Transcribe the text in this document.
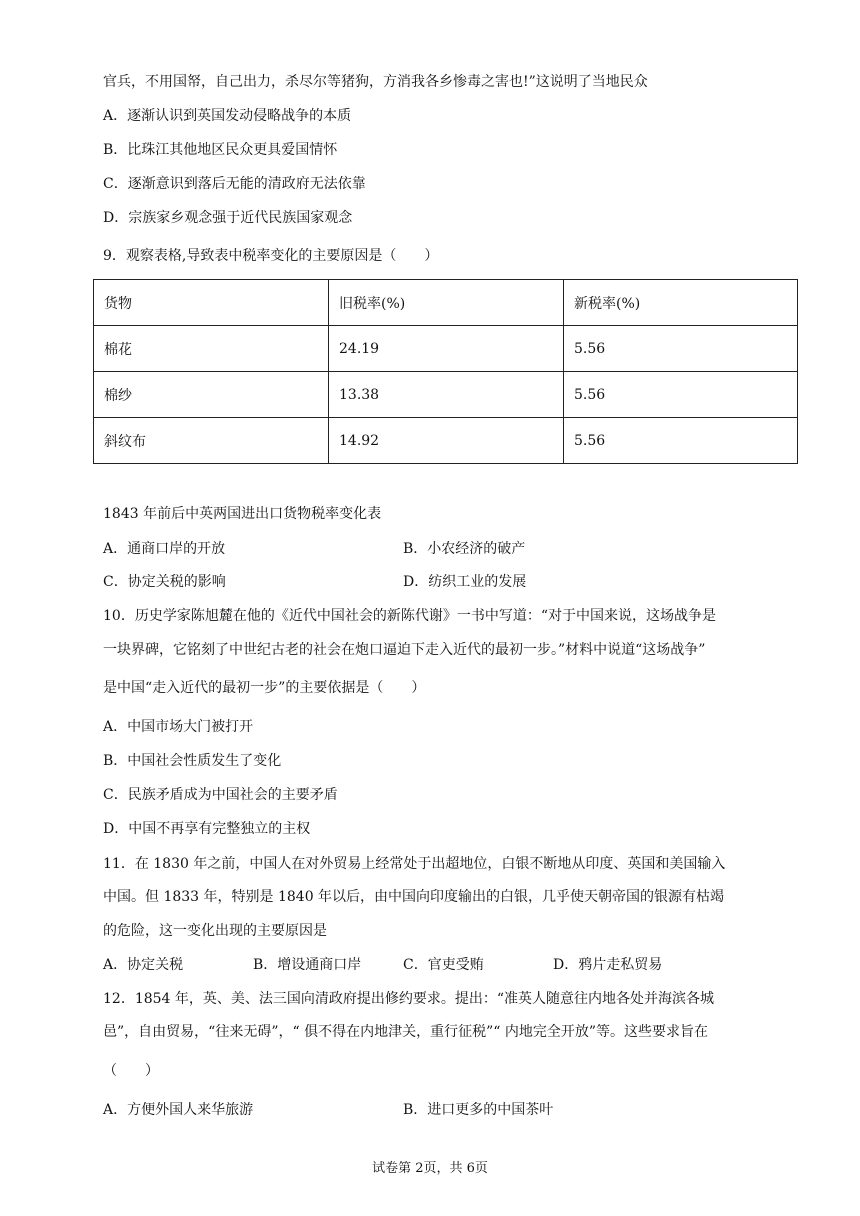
官兵，不用国帑，自己出力，杀尽尔等猪狗，方消我各乡惨毒之害也!”这说明了当地民众
A．逐渐认识到英国发动侵略战争的本质
B．比珠江其他地区民众更具爱国情怀
C．逐渐意识到落后无能的清政府无法依靠
D．宗族家乡观念强于近代民族国家观念
9．观察表格,导致表中税率变化的主要原因是（　　）
货物	旧税率(%)	新税率(%)
棉花	24.19	5.56
棉纱	13.38	5.56
斜纹布	14.92	5.56
1843 年前后中英两国进出口货物税率变化表
A．通商口岸的开放	B．小农经济的破产
C．协定关税的影响	D．纺织工业的发展
10．历史学家陈旭麓在他的《近代中国社会的新陈代谢》一书中写道：“对于中国来说，这场战争是
一块界碑，它铭刻了中世纪古老的社会在炮口逼迫下走入近代的最初一步。”材料中说道“这场战争”
是中国“走入近代的最初一步”的主要依据是（　　）
A．中国市场大门被打开
B．中国社会性质发生了变化
C．民族矛盾成为中国社会的主要矛盾
D．中国不再享有完整独立的主权
11．在 1830 年之前，中国人在对外贸易上经常处于出超地位，白银不断地从印度、英国和美国输入
中国。但 1833 年，特别是 1840 年以后，由中国向印度输出的白银，几乎使天朝帝国的银源有枯竭
的危险，这一变化出现的主要原因是
A．协定关税	B．增设通商口岸	C．官吏受贿	D．鸦片走私贸易
12．1854 年，英、美、法三国向清政府提出修约要求。提出：“准英人随意往内地各处并海滨各城
邑”，自由贸易，“往来无碍”，“ 俱不得在内地津关，重行征税”“ 内地完全开放”等。这些要求旨在
（　　）
A．方便外国人来华旅游	B．进口更多的中国茶叶
试卷第 2页，共 6页
